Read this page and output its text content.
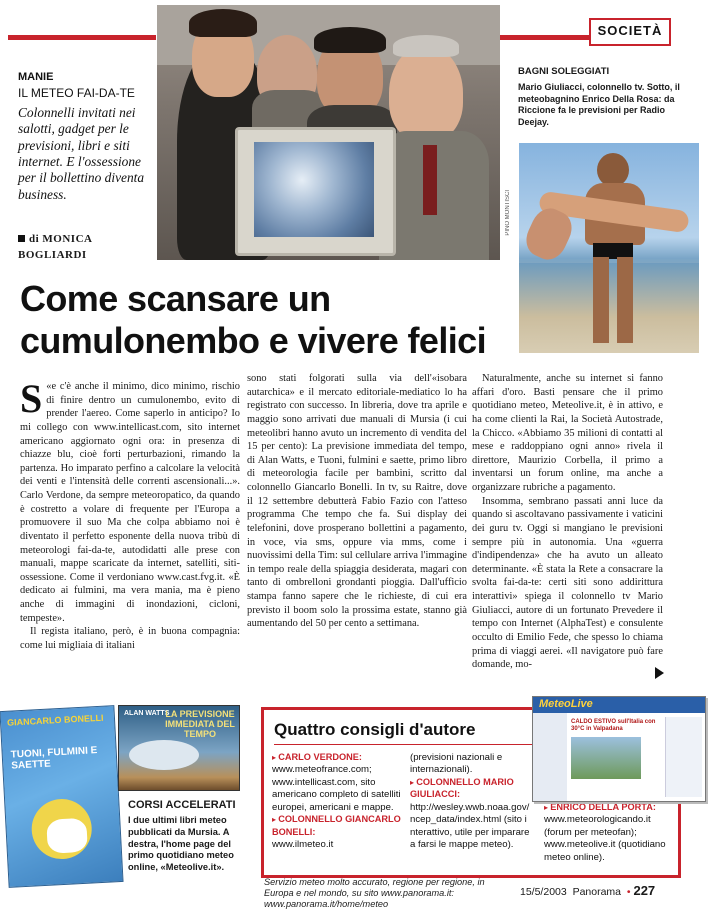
SOCIETÀ
MANIE
IL METEO FAI-DA-TE
Colonnelli invitati nei salotti, gadget per le previsioni, libri e siti internet. E l'ossessione per il bollettino diventa business.
di MONICA
BOGLIARDI
PINO MONTISCI
BAGNI SOLEGGIATI
Mario Giuliacci, colonnello tv. Sotto, il meteobagnino Enrico Della Rosa: da Riccione fa le previsioni per Radio Deejay.
Come scansare un
cumulonembo e vivere felici

«
S e c'è anche il minimo, dico minimo, rischio di finire dentro un cumulonembo, evito di prender l'aereo. Come saperlo in anticipo? Io mi collego con www.intellicast.com, sito internet americano aggiornato ogni ora: in presenza di chiazze blu, cioè forti perturbazioni, rimando la partenza. Ho imparato perfino a calcolare la velocità dei venti e l'intensità delle correnti ascensionali...». Carlo Verdone, da sempre meteoropatico, da quando è costretto a volare di frequente per l'Europa a promuovere il suo Ma che colpa abbiamo noi è diventato il perfetto esponente della nuova tribù di meteorologi fai-da-te, autodidatti alle prese con manuali, mappe scaricate da internet, satelliti, siti-ossessione. Come il verdoniano www.cast.fvg.it. «È dedicato ai fulmini, ma vera mania, ma è pieno anche di immagini di inondazioni, cicloni, tempeste».

Il regista italiano, però, è in buona compagnia: come lui migliaia di italiani

sono stati folgorati sulla via dell'«isobara autarchica» e il mercato editoriale-mediatico lo ha registrato con successo. In libreria, dove tra aprile e maggio sono arrivati due manuali di Mursia (i cui meteolibri hanno avuto un incremento di vendita del 15 per cento): La previsione immediata del tempo, di Alan Watts, e Tuoni, fulmini e saette, primo libro di meteorologia facile per bambini, scritto dal colonnello Giancarlo Bonelli. In tv, su Raitre, dove il 12 settembre debutterà Fabio Fazio con l'atteso programma Che tempo che fa. Sui display dei telefonini, dove prosperano bollettini a pagamento, in voce, via sms, oppure via mms, come i nuovissimi della Tim: sul cellulare arriva l'immagine in tempo reale della spiaggia desiderata, magari con tanto di ombrelloni grondanti pioggia. Dall'ufficio stampa fanno sapere che le richieste, di cui era previsto il boom solo la prossima estate, stanno già aumentando del 50 per cento a settimana.

Naturalmente, anche su internet si fanno affari d'oro. Basti pensare che il primo quotidiano meteo, Meteolive.it, è in attivo, e ha come clienti la Rai, la Società Autostrade, la Chicco. «Abbiamo 35 milioni di contatti al mese e raddoppiano ogni anno» rivela il direttore, Maurizio Corbella, il primo a inventarsi un forum online, ma anche a organizzare rubriche a pagamento.

Insomma, sembrano passati anni luce da quando si ascoltavano passivamente i vaticini dei guru tv. Oggi si mangiano le previsioni sempre più in autonomia. Una «guerra d'indipendenza» che ha avuto un alleato determinante. «È stata la Rete a consacrare la svolta fai-da-te: certi siti sono addirittura interattivi» spiega il colonnello tv Mario Giuliacci, autore di un fortunato Prevedere il tempo con Internet (AlphaTest) e consulente occulto di Emilio Fede, che spesso lo chiama prima di viaggi aerei. «Il navigatore può fare domande, mo-

GIANCARLO BONELLI
TUONI, FULMINI E SAETTE
ALAN WATTS
LA PREVISIONE IMMEDIATA DEL TEMPO
CORSI ACCELERATI
I due ultimi libri meteo pubblicati da Mursia. A destra, l'home page del primo quotidiano meteo online, «Meteolive.it».
Quattro consigli d'autore
▸ CARLO VERDONE:
www.meteofrance.com; www.intellicast.com, sito americano completo di satelliti europei, americani e mappe.
▸ COLONNELLO GIANCARLO BONELLI:
www.ilmeteo.it
(previsioni nazionali e internazionali).
▸ COLONNELLO MARIO GIULIACCI:
http://wesley.wwb.noaa.gov/ncep_data/index.html (sito interattivo, utile per imparare a farsi le mappe meteo).
▸ ENRICO DELLA PORTA:
www.meteorologicando.it (forum per meteofan); www.meteolive.it (quotidiano meteo online).
MeteoLive
CALDO ESTIVO sull'Italia con 30°C in Valpadana
Servizio meteo molto accurato, regione per regione, in Europa e nel mondo, su sito www.panorama.it: www.panorama.it/home/meteo
15/5/2003 Panorama • 227
